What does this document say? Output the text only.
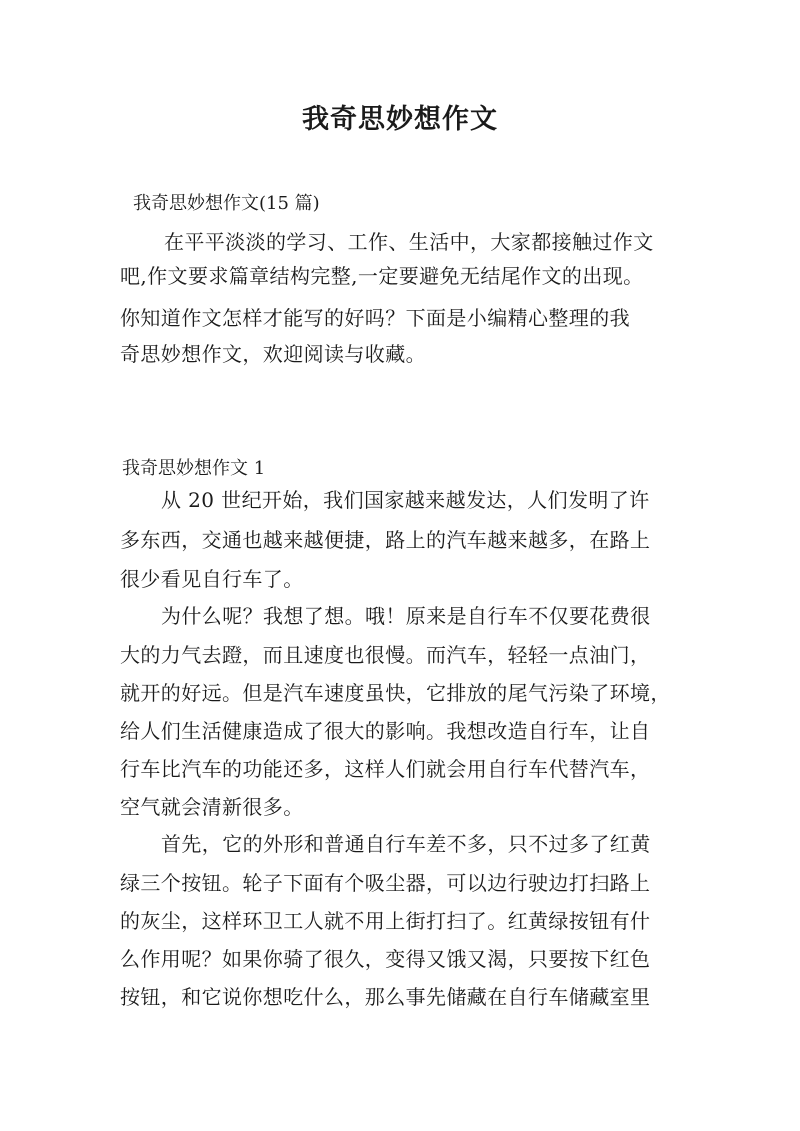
我奇思妙想作文
我奇思妙想作文(15 篇)
在平平淡淡的学习、工作、生活中，大家都接触过作文
吧,作文要求篇章结构完整,一定要避免无结尾作文的出现。
你知道作文怎样才能写的好吗？下面是小编精心整理的我
奇思妙想作文，欢迎阅读与收藏。
我奇思妙想作文 1
从 20 世纪开始，我们国家越来越发达，人们发明了许
多东西，交通也越来越便捷，路上的汽车越来越多，在路上
很少看见自行车了。
为什么呢？我想了想。哦！原来是自行车不仅要花费很
大的力气去蹬，而且速度也很慢。而汽车，轻轻一点油门，
就开的好远。但是汽车速度虽快，它排放的尾气污染了环境，
给人们生活健康造成了很大的影响。我想改造自行车，让自
行车比汽车的功能还多，这样人们就会用自行车代替汽车，
空气就会清新很多。
首先，它的外形和普通自行车差不多，只不过多了红黄
绿三个按钮。轮子下面有个吸尘器，可以边行驶边打扫路上
的灰尘，这样环卫工人就不用上街打扫了。红黄绿按钮有什
么作用呢？如果你骑了很久，变得又饿又渴，只要按下红色
按钮，和它说你想吃什么，那么事先储藏在自行车储藏室里
